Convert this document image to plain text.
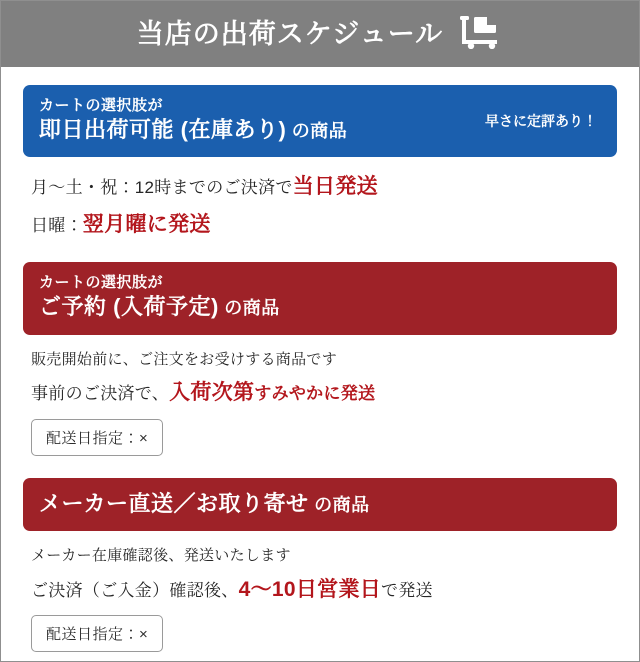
当店の出荷スケジュール
カートの選択肢が
即日出荷可能 (在庫あり) の商品
早さに定評あり！
月〜土・祝：12時までのご決済で当日発送
日曜：翌月曜に発送
カートの選択肢が
ご予約 (入荷予定) の商品
販売開始前に、ご注文をお受けする商品です
事前のご決済で、入荷次第すみやかに発送
配送日指定：×
メーカー直送／お取り寄せ の商品
メーカー在庫確認後、発送いたします
ご決済（ご入金）確認後、4〜10日営業日で発送
配送日指定：×
